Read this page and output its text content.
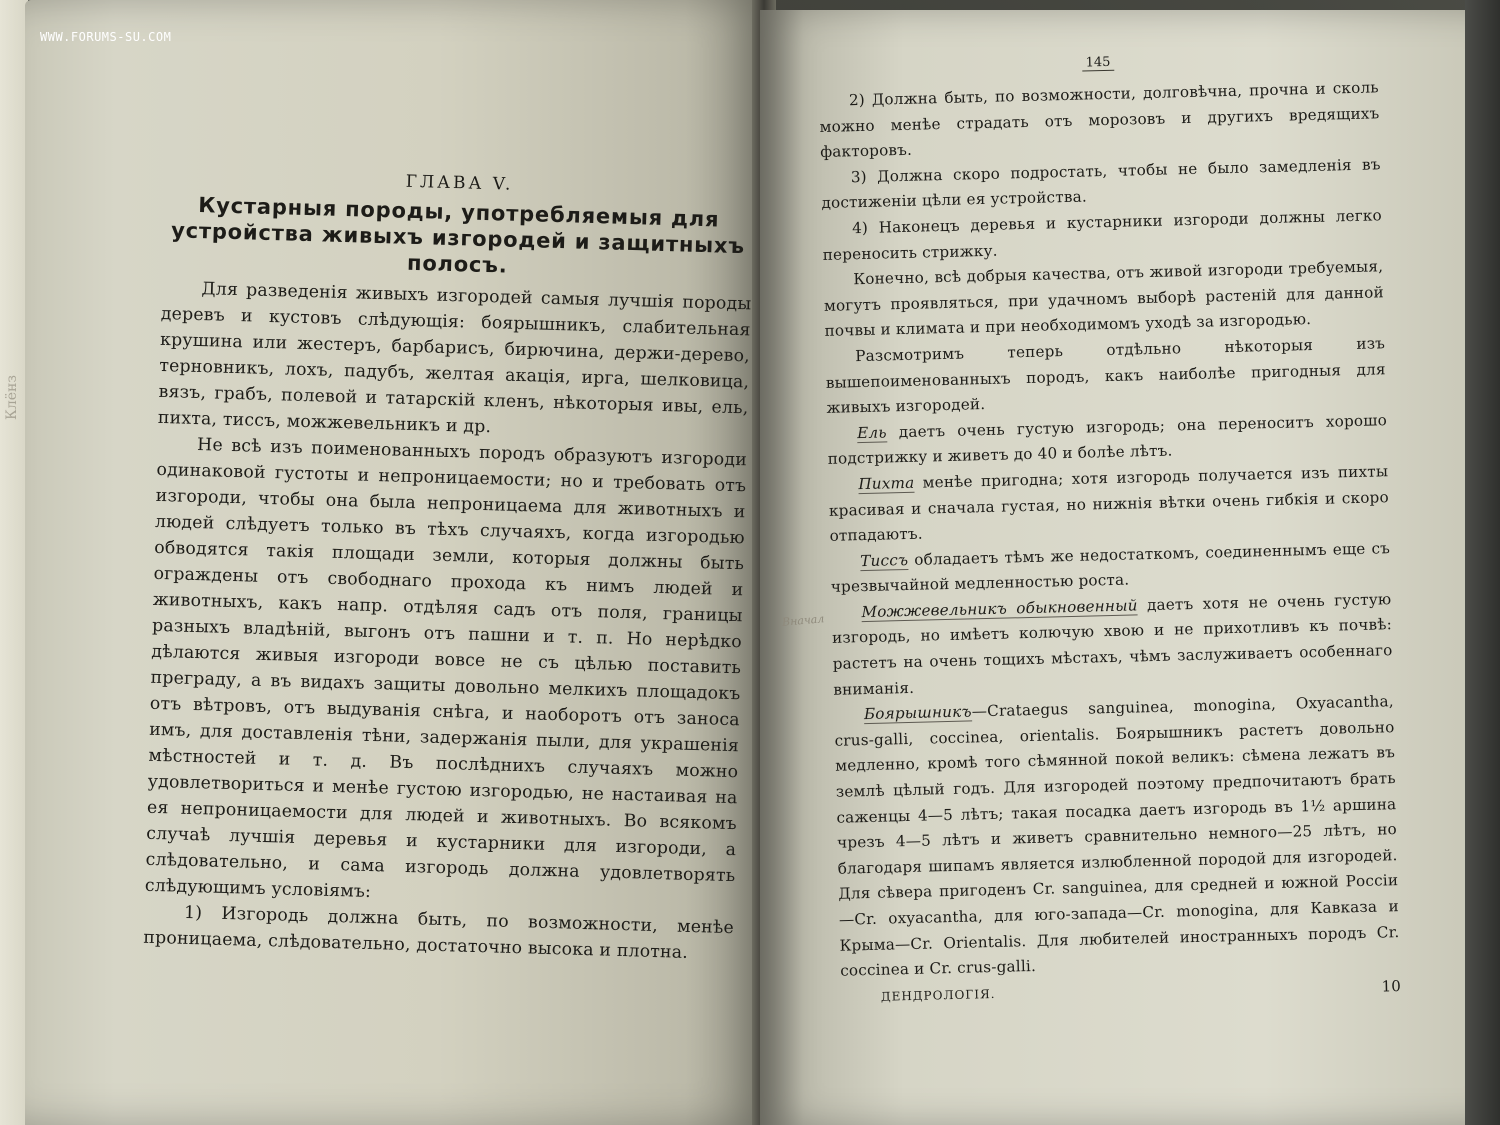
Клёнз
ГЛАВА V.
Кустарныя породы, употребляемыя для устройства живыхъ изгородей и защитныхъ полосъ.

Для разведенія живыхъ изгородей самыя лучшія породы деревъ и кустовъ слѣдующія: боярышникъ, слабительная крушина или жестеръ, барбарисъ, бирючина, держи-дерево, терновникъ, лохъ, падубъ, желтая акація, ирга, шелковица, вязъ, грабъ, полевой и татарскій кленъ, нѣкоторыя ивы, ель, пихта, тиссъ, можжевельникъ и др.

Не всѣ изъ поименованныхъ породъ образуютъ изгороди одинаковой густоты и непроницаемости; но и требовать отъ изгороди, чтобы она была непроницаема для животныхъ и людей слѣдуетъ только въ тѣхъ случаяхъ, когда изгородью обводятся такія площади земли, которыя должны быть ограждены отъ свободнаго прохода къ нимъ людей и животныхъ, какъ напр. отдѣляя садъ отъ поля, границы разныхъ владѣній, выгонъ отъ пашни и т. п. Но нерѣдко дѣлаются живыя изгороди вовсе не съ цѣлью поставить преграду, а въ видахъ защиты довольно мелкихъ площадокъ отъ вѣтровъ, отъ выдуванія снѣга, и наоборотъ отъ заноса имъ, для доставленія тѣни, задержанія пыли, для украшенія мѣстностей и т. д. Въ послѣднихъ случаяхъ можно удовлетвориться и менѣе густою изгородью, не настаивая на ея непроницаемости для людей и животныхъ. Во всякомъ случаѣ лучшія деревья и кустарники для изгороди, а слѣдовательно, и сама изгородь должна удовлетворять слѣдующимъ условіямъ:

1) Изгородь должна быть, по возможности, менѣе проницаема, слѣдовательно, достаточно высока и плотна.

Вначал
145

2) Должна быть, по возможности, долговѣчна, прочна и сколь можно менѣе страдать отъ морозовъ и другихъ вредящихъ факторовъ.

3) Должна скоро подростать, чтобы не было замедленія въ достиженіи цѣли ея устройства.

4) Наконецъ деревья и кустарники изгороди должны легко переносить стрижку.

Конечно, всѣ добрыя качества, отъ живой изгороди требуемыя, могутъ проявляться, при удачномъ выборѣ растеній для данной почвы и климата и при необходимомъ уходѣ за изгородью.

Разсмотримъ теперь отдѣльно нѣкоторыя изъ вышепоименованныхъ породъ, какъ наиболѣе пригодныя для живыхъ изгородей.

Ель даетъ очень густую изгородь; она переноситъ хорошо подстрижку и живетъ до 40 и болѣе лѣтъ.

Пихта менѣе пригодна; хотя изгородь получается изъ пихты красивая и сначала густая, но нижнія вѣтки очень гибкія и скоро отпадаютъ.

Тиссъ обладаетъ тѣмъ же недостаткомъ, соединеннымъ еще съ чрезвычайной медленностью роста.

Можжевельникъ обыкновенный даетъ хотя не очень густую изгородь, но имѣетъ колючую хвою и не прихотливъ къ почвѣ: растетъ на очень тощихъ мѣстахъ, чѣмъ заслуживаетъ особеннаго вниманія.

Боярышникъ—Crataegus sanguinea, monogina, Oxyacantha, crus-galli, coccinea, orientalis. Боярышникъ растетъ довольно медленно, кромѣ того сѣмянной покой великъ: сѣмена лежатъ въ землѣ цѣлый годъ. Для изгородей поэтому предпочитаютъ брать саженцы 4—5 лѣтъ; такая посадка даетъ изгородь въ 1½ аршина чрезъ 4—5 лѣтъ и живетъ сравнительно немного—25 лѣтъ, но благодаря шипамъ является излюбленной породой для изгородей. Для сѣвера пригоденъ Cr. sanguinea, для средней и южной Россіи—Cr. oxyacantha, для юго-запада—Cr. monogina, для Кавказа и Крыма—Cr. Orientalis. Для любителей иностранныхъ породъ Cr. coccinea и Cr. crus-galli.

ДЕНДРОЛОГІЯ.	10
WWW.FORUMS-SU.COM
